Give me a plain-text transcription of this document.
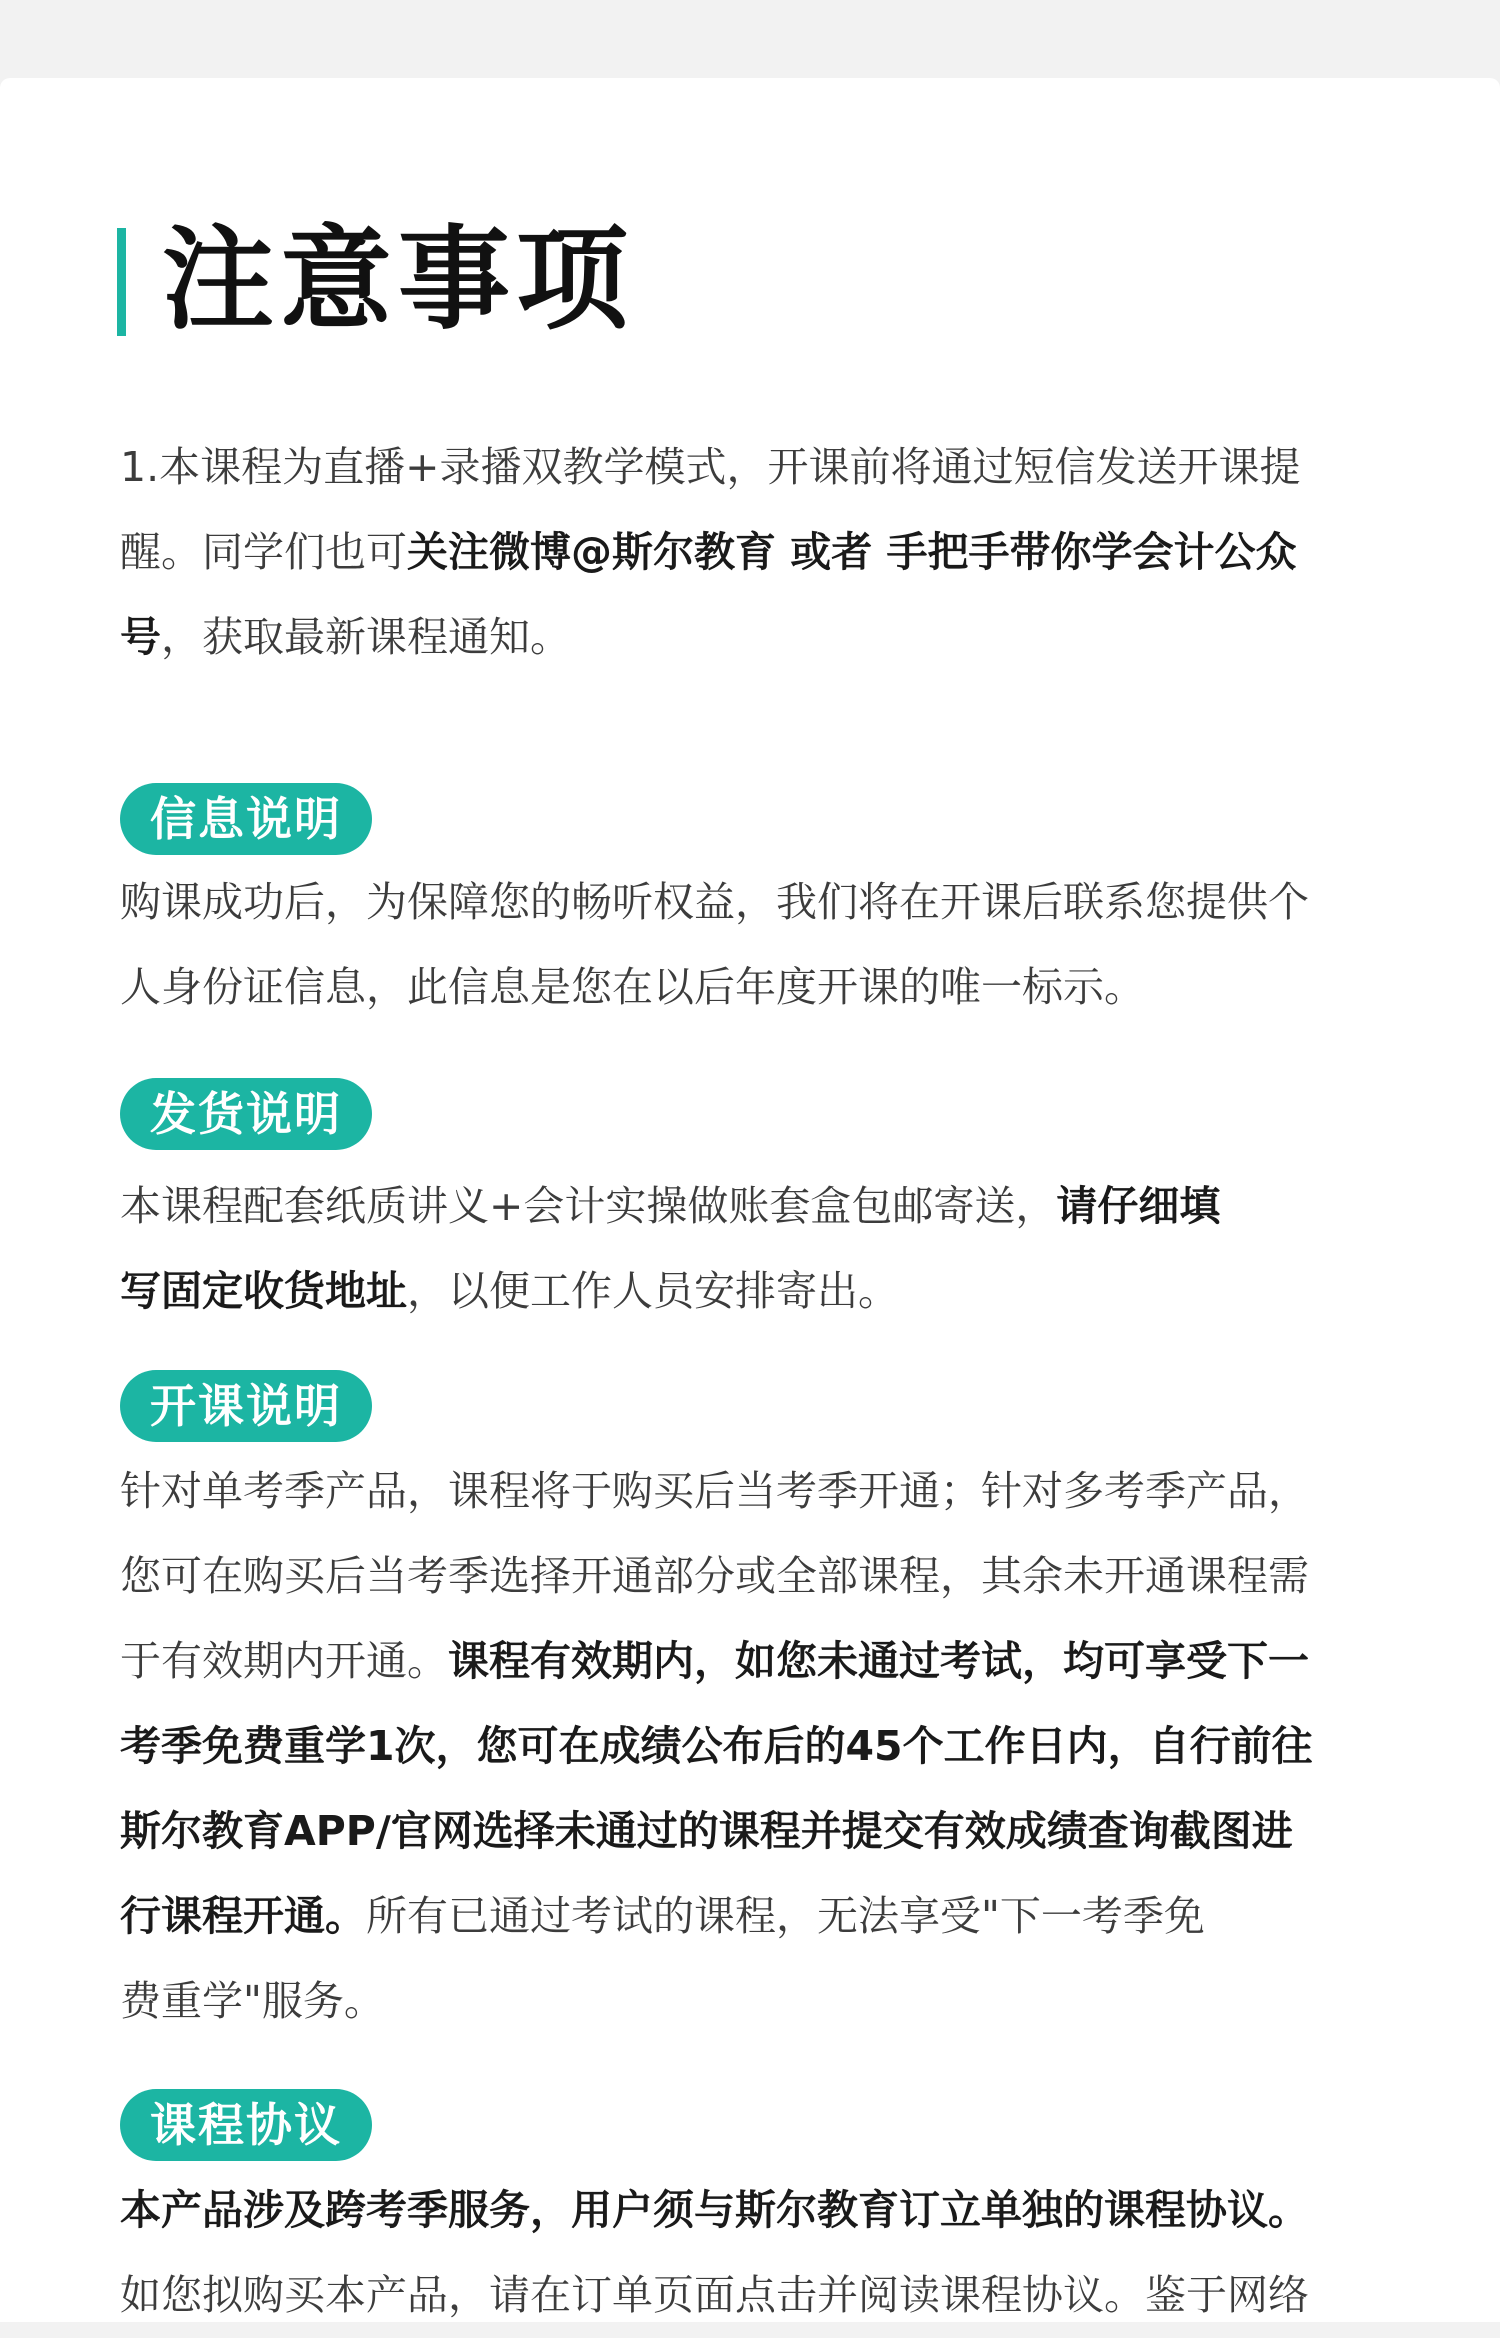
注意事项

1.本课程为直播+录播双教学模式，开课前将通过短信发送开课提
醒。同学们也可关注微博@斯尔教育 或者 手把手带你学会计公众
号，获取最新课程通知。

信息说明

购课成功后，为保障您的畅听权益，我们将在开课后联系您提供个
人身份证信息，此信息是您在以后年度开课的唯一标示。

发货说明

本课程配套纸质讲义+会计实操做账套盒包邮寄送，请仔细填
写固定收货地址，以便工作人员安排寄出。

开课说明

针对单考季产品，课程将于购买后当考季开通；针对多考季产品，
您可在购买后当考季选择开通部分或全部课程，其余未开通课程需
于有效期内开通。课程有效期内，如您未通过考试，均可享受下一
考季免费重学1次，您可在成绩公布后的45个工作日内，自行前往
斯尔教育APP/官网选择未通过的课程并提交有效成绩查询截图进
行课程开通。所有已通过考试的课程，无法享受"下一考季免
费重学"服务。

课程协议

本产品涉及跨考季服务，用户须与斯尔教育订立单独的课程协议。
如您拟购买本产品，请在订单页面点击并阅读课程协议。鉴于网络
